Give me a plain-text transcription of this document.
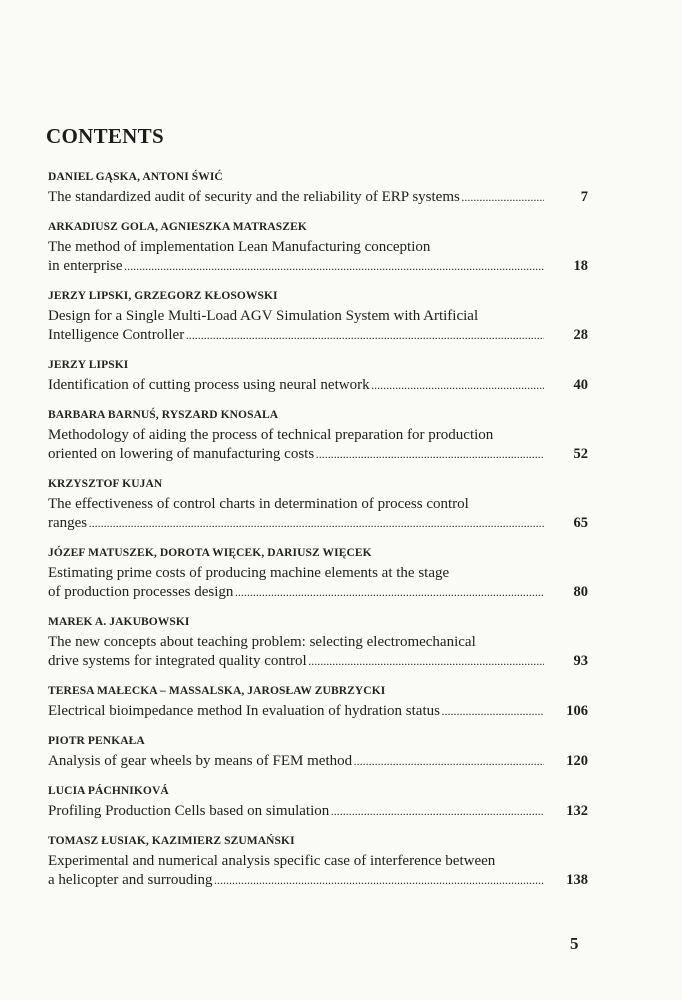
CONTENTS
DANIEL GĄSKA, ANTONI ŚWIĆ
The standardized audit of security and the reliability of ERP systems . . .	7
ARKADIUSZ GOLA, AGNIESZKA MATRASZEK
The method of implementation Lean Manufacturing conception
in enterprise . . .	18
JERZY LIPSKI, GRZEGORZ KŁOSOWSKI
Design for a Single Multi-Load AGV Simulation System with Artificial
Intelligence Controller . . .	28
JERZY LIPSKI
Identification of cutting process using neural network . . .	40
BARBARA BARNUŚ, RYSZARD KNOSALA
Methodology of aiding the process of technical preparation for production
oriented on lowering of manufacturing costs . . .	52
KRZYSZTOF KUJAN
The effectiveness of control charts in determination of process control
ranges . . .	65
JÓZEF MATUSZEK, DOROTA WIĘCEK, DARIUSZ WIĘCEK
Estimating prime costs of producing machine elements at the stage
of production processes design . . .	80
MAREK A. JAKUBOWSKI
The new concepts about teaching problem: selecting electromechanical
drive systems for integrated quality control . . .	93
TERESA MAŁECKA – MASSALSKA, JAROSŁAW ZUBRZYCKI
Electrical bioimpedance method In evaluation of hydration status . . .	106
PIOTR PENKAŁA
Analysis of gear wheels by means of FEM method . . .	120
LUCIA PÁCHNIKOVÁ
Profiling Production Cells based on simulation . . .	132
TOMASZ ŁUSIAK, KAZIMIERZ SZUMAŃSKI
Experimental and numerical analysis specific case of interference between
a helicopter and surrouding . . .	138
5
